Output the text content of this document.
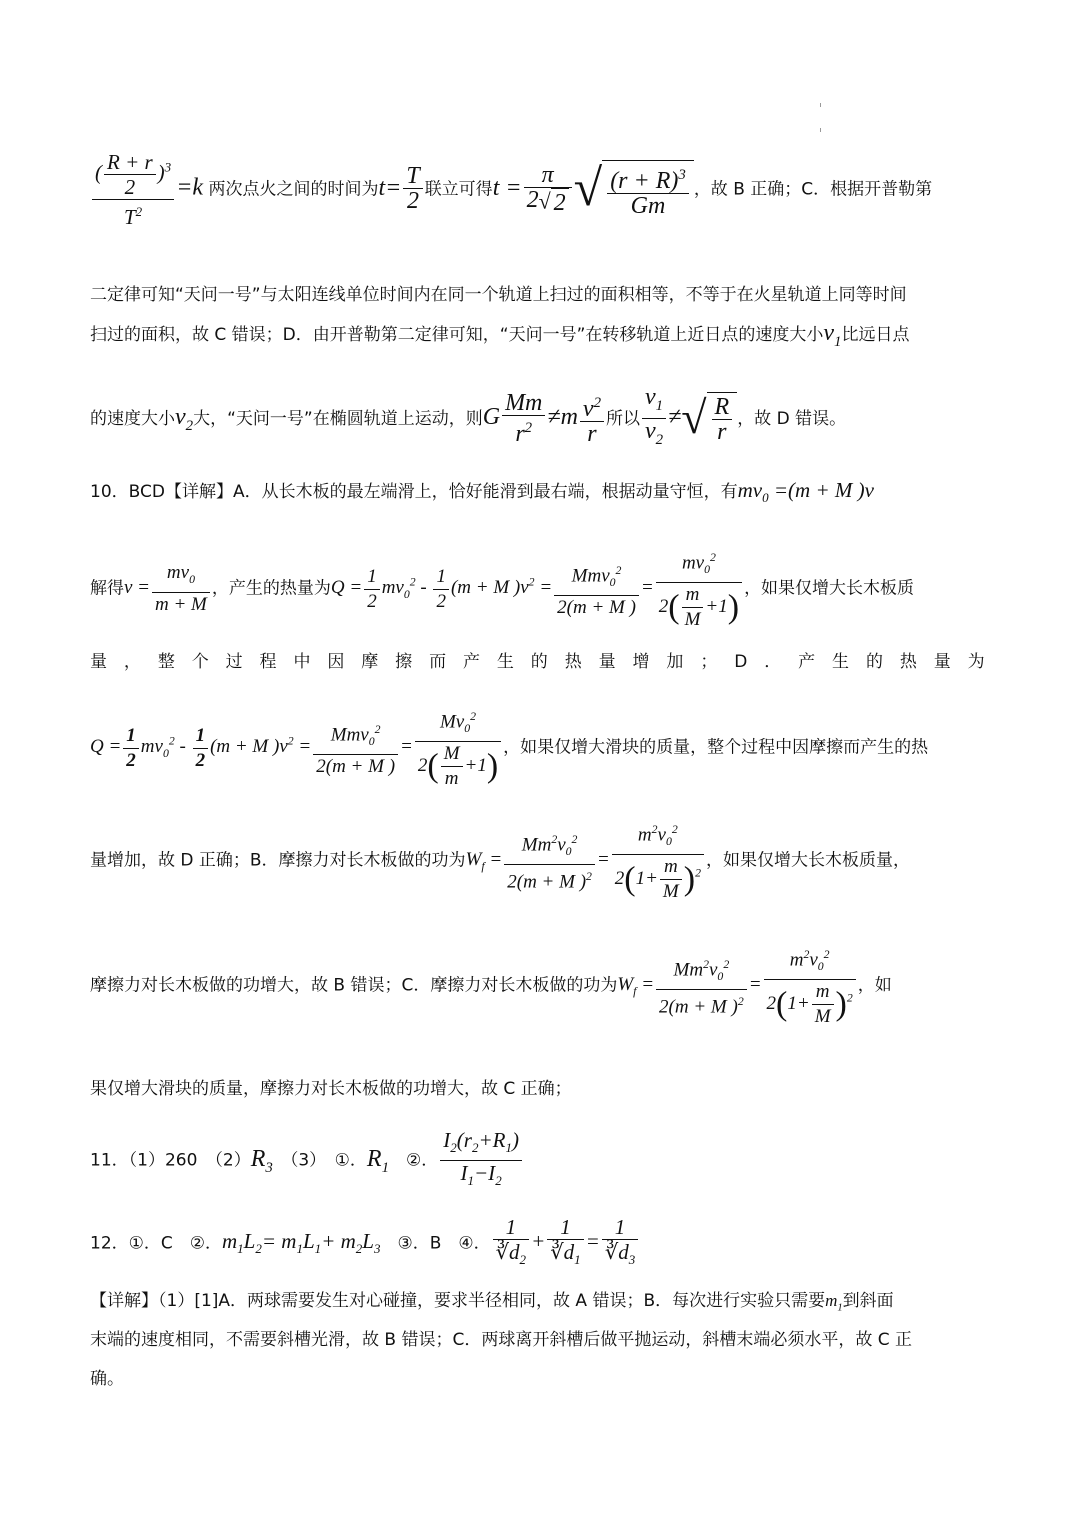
$\frac{( \frac{R + r}{2} )^3}{T^2} =k$ 两次点火之间的时间为$t= \frac{T}{2}$ 联立可得$t = \frac{\pi}{2√ 2}$ √ $\frac{(r + R)^3}{Gm}$ ，故 B 正确；C．根据开普勒第
二定律可知“天问一号”与太阳连线单位时间内在同一个轨道上扫过的面积相等，不等于在火星轨道上同等时间
扫过的面积，故 C 错误；D．由开普勒第二定律可知，“天问一号”在转移轨道上近日点的速度大小$v_1$比远日点
的速度大小$v_2$大，“天问一号”在椭圆轨道上运动，则G $\frac{Mm}{r^2} \ne m \frac{v^2}{r}$ 所以 $\frac{v_1}{v_2}$ ≠√ $\frac{R}{r}$ ，故 D 错误。
10．BCD【详解】A．从长木板的最左端滑上，恰好能滑到最右端，根据动量守恒，有$mv_0 =(m + M$ )v
解得$v = \frac{mv_0}{m + M}$ ，产生的热量为$Q = \frac{1}{2} mv_0^2 - \frac{1}{2} (m + M$ )$v^2 = \frac{Mmv_0^2}{2(m + M )} = \frac{mv_0^2}{2( \frac{m}{M} +1)}$ ，如果仅增大长木板质
量 ， 整 个 过 程 中 因 摩 擦 而 产 生 的 热 量 增 加 ； D ． 产 生 的 热 量 为
$Q = \frac{1}{2} mv_0^2 - \frac{1}{2} (m + M$ )$v^2 = \frac{Mmv_0^2}{2(m + M )} = \frac{Mv_0^2}{2( \frac{M}{m} +1)}$ ，如果仅增大滑块的质量，整个过程中因摩擦而产生的热
量增加，故 D 正确；B．摩擦力对长木板做的功为$W_f = \frac{Mm^2v_0^2}{2(m + M )^2} = \frac{m^2v_0^2}{2(1+ \frac{m}{M} )^2}$ ，如果仅增大长木板质量，
摩擦力对长木板做的功增大，故 B 错误；C．摩擦力对长木板做的功为$W_f = \frac{Mm^2v_0^2}{2(m + M )^2} = \frac{m^2v_0^2}{2(1+ \frac{m}{M} )^2}$ ，如
果仅增大滑块的质量，摩擦力对长木板做的功增大，故 C 正确；
11．（1）260　$(2)R_3$　（3）　①．$R_1$　②． $\frac{I_2(r_2+R_1)}{I_1-I_2}$
12．①．C　②．$m_1L_2= m_1L_1+ m_2L_3$　③．B　④． $\frac{1}{∛d_2} + \frac{1}{∛d_1} = \frac{1}{∛d_3}$
【详解】（1）[1]A．两球需要发生对心碰撞，要求半径相同，故 A 错误；B．每次进行实验只需要$m_1$到斜面
末端的速度相同，不需要斜槽光滑，故 B 错误；C．两球离开斜槽后做平抛运动，斜槽末端必须水平，故 C 正
确。
